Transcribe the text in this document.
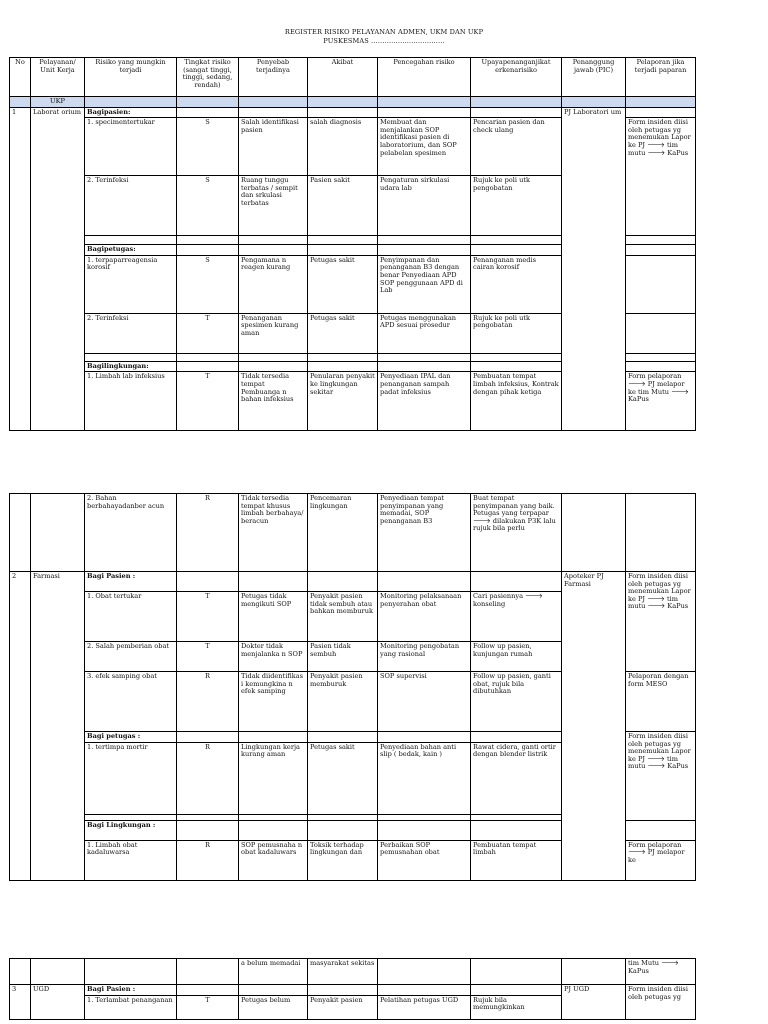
REGISTER RISIKO PELAYANAN ADMEN, UKM DAN UKP
PUSKESMAS ……………………………
No	Pelayanan/ Unit Kerja	Risiko yang mungkin terjadi	Tingkat risiko (sangat tinggi, tinggi, sedang, rendah)	Penyebab terjadinya	Akibat	Pencegahan risiko	Upayapenanganjikat erkenarisiko	Penanggung jawab (PIC)	Pelaporan jika terjadi paparan
	UKP								
1	Laborat orium	Bagipasien:						PJ Laboratori um	
		1. specimentertukar	S	Salah identifikasi pasien	salah diagnosis	Membuat dan menjalankan SOP identifikasi pasien di laboratorium, dan SOP pelabelan spesimen	Pencarian pasien dan check ulang		Form insiden diisi oleh petugas yg menemukan Lapor ke PJ 🡒 tim mutu 🡒 KaPus
		2. Terinfeksi	S	Ruang tunggu terbatas / sempit dan srkulasi terbatas	Pasien sakit	Pengaturan sirkulasi udara lab	Rujuk ke poli utk pengobatan		

		Bagipetugas:							
		1. terpaparreagensia korosif	S	Pengamana n reagen kurang	Petugas sakit	Penyimpanan dan penanganan B3 dengan benar Penyediaan APD SOP penggunaan APD di Lab	Penanganan medis cairan korosif		
		2. Terinfeksi	T	Penanganan spesimen kurang aman	Petugas sakit	Petugas menggunakan APD sesuai prosedur	Rujuk ke poli utk pengobatan		

		Bagilingkungan:							
		1. Limbah lab infeksius	T	Tidak tersedia tempat Pembuanga n bahan infeksius	Penularan penyakit ke lingkungan sekitar	Penyediaan IPAL dan penanganan sampah padat infeksius	Pembuatan tempat limbah infeksius, Kontrak dengan pihak ketiga		Form pelaporan 🡒 PJ melapor ke tim Mutu 🡒 KaPus
		2. Bahan berbahayadanber acun	R	Tidak tersedia tempat khusus limbah berbahaya/ beracun	Pencemaran lingkungan	Penyediaan tempat penyimpanan yang memadai, SOP penanganan B3	Buat tempat penyimpanan yang baik. Petugas yang terpapar 🡒 dilakukan P3K lalu rujuk bila perlu		
2	Farmasi	Bagi Pasien :						Apoteker PJ Farmasi	Form insiden diisi oleh petugas yg menemukan Lapor ke PJ 🡒 tim mutu 🡒 KaPus
		1. Obat tertukar	T	Petugas tidak mengikuti SOP	Penyakit pasien tidak sembuh atau bahkan memburuk	Monitoring pelaksanaan penyerahan obat	Cari pasiennya 🡒 konseling		
		2. Salah pemberian obat	T	Dokter tidak menjalanka n SOP	Pasien tidak sembuh	Monitoring pengobatan yang rasional	Follow up pasien, kunjungan rumah		
		3. efek samping obat	R	Tidak diidentifikas i kemungkina n efek samping	Penyakit pasien memburuk	SOP supervisi	Follow up pasien, ganti obat, rujuk bila dibutuhkan		Pelaporan dengan form MESO
		Bagi petugas :							Form insiden diisi oleh petugas yg menemukan Lapor ke PJ 🡒 tim mutu 🡒 KaPus
		1. tertimpa mortir	R	Lingkungan kerja kurang aman	Petugas sakit	Penyediaan bahan anti slip ( bedak, kain )	Rawat cidera, ganti ortir dengan blender listrik		

		Bagi Lingkungan :							
		1. Limbah obat kadaluwarsa	R	SOP pemusnaha n obat kadaluwars	Toksik terhadap lingkungan dan	Perbaikan SOP pemusnahan obat	Pembuatan tempat limbah		Form pelaporan 🡒 PJ melapor ke
				a belum memadai	masyarakat sekitas				tim Mutu 🡒 KaPus
3	UGD	Bagi Pasien :						PJ UGD	Form insiden diisi oleh petugas yg
		1. Terlambat penanganan	T	Petugas belum	Penyakit pasien	Pelatihan petugas UGD	Rujuk bila memungkinkan		
